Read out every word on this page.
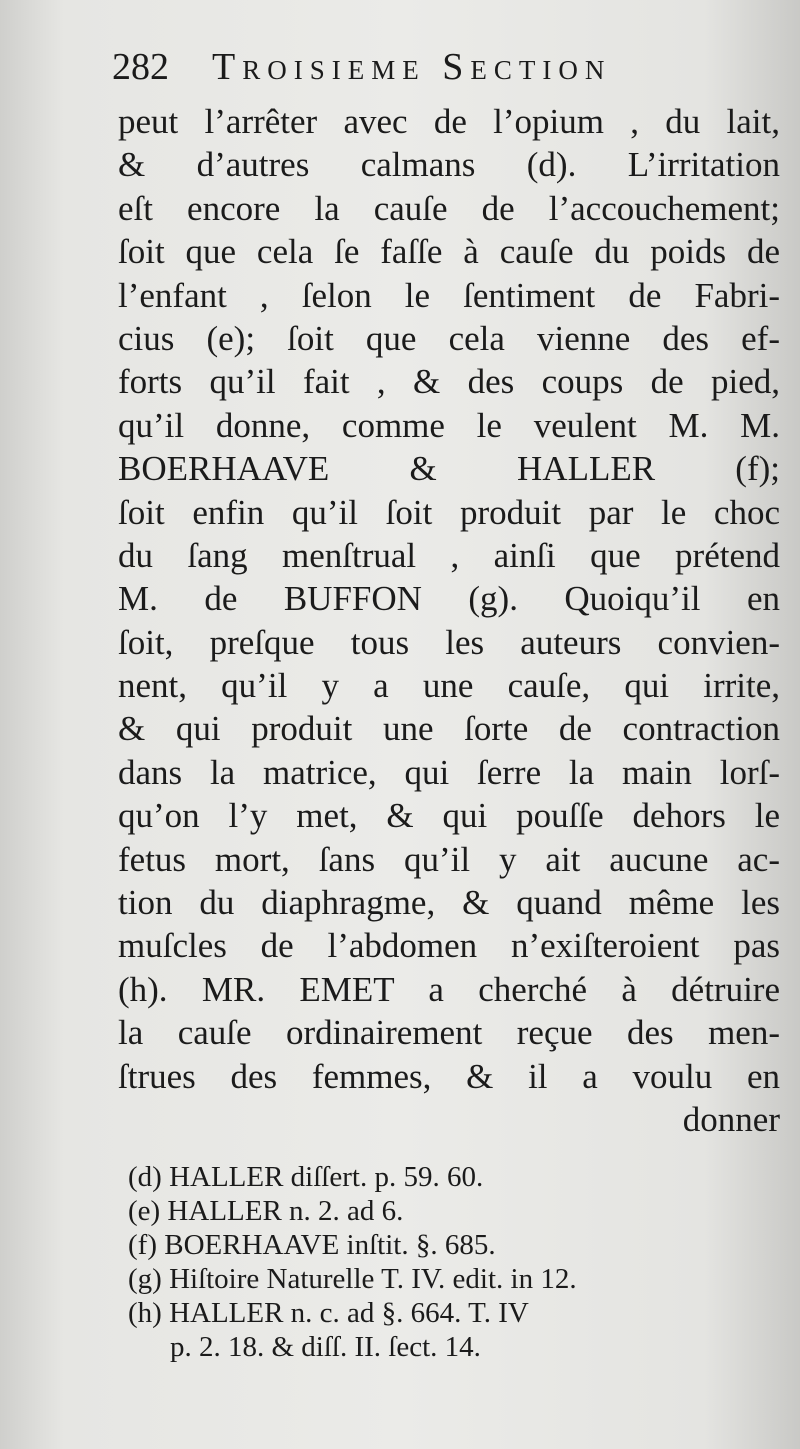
282 Troisieme Section
peut l’arrêter avec de l’opium , du lait,
& d’autres calmans (d). L’irritation
eſt encore la cauſe de l’accouchement;
ſoit que cela ſe faſſe à cauſe du poids de
l’enfant , ſelon le ſentiment de Fabri-
cius (e); ſoit que cela vienne des ef-
forts qu’il fait , & des coups de pied,
qu’il donne, comme le veulent M. M.
BOERHAAVE & HALLER (f);
ſoit enfin qu’il ſoit produit par le choc
du ſang menſtrual , ainſi que prétend
M. de BUFFON (g). Quoiqu’il en
ſoit, preſque tous les auteurs convien-
nent, qu’il y a une cauſe, qui irrite,
& qui produit une ſorte de contraction
dans la matrice, qui ſerre la main lorſ-
qu’on l’y met, & qui pouſſe dehors le
fetus mort, ſans qu’il y ait aucune ac-
tion du diaphragme, & quand même les
muſcles de l’abdomen n’exiſteroient pas
(h). MR. EMET a cherché à détruire
la cauſe ordinairement reçue des men-
ſtrues des femmes, & il a voulu en
donner
(d) HALLER diſſert. p. 59. 60.
(e) HALLER n. 2. ad 6.
(f) BOERHAAVE inſtit. §. 685.
(g) Hiſtoire Naturelle T. IV. edit. in 12.
(h) HALLER n. c. ad §. 664. T. IV
p. 2. 18. & diſſ. II. ſect. 14.
